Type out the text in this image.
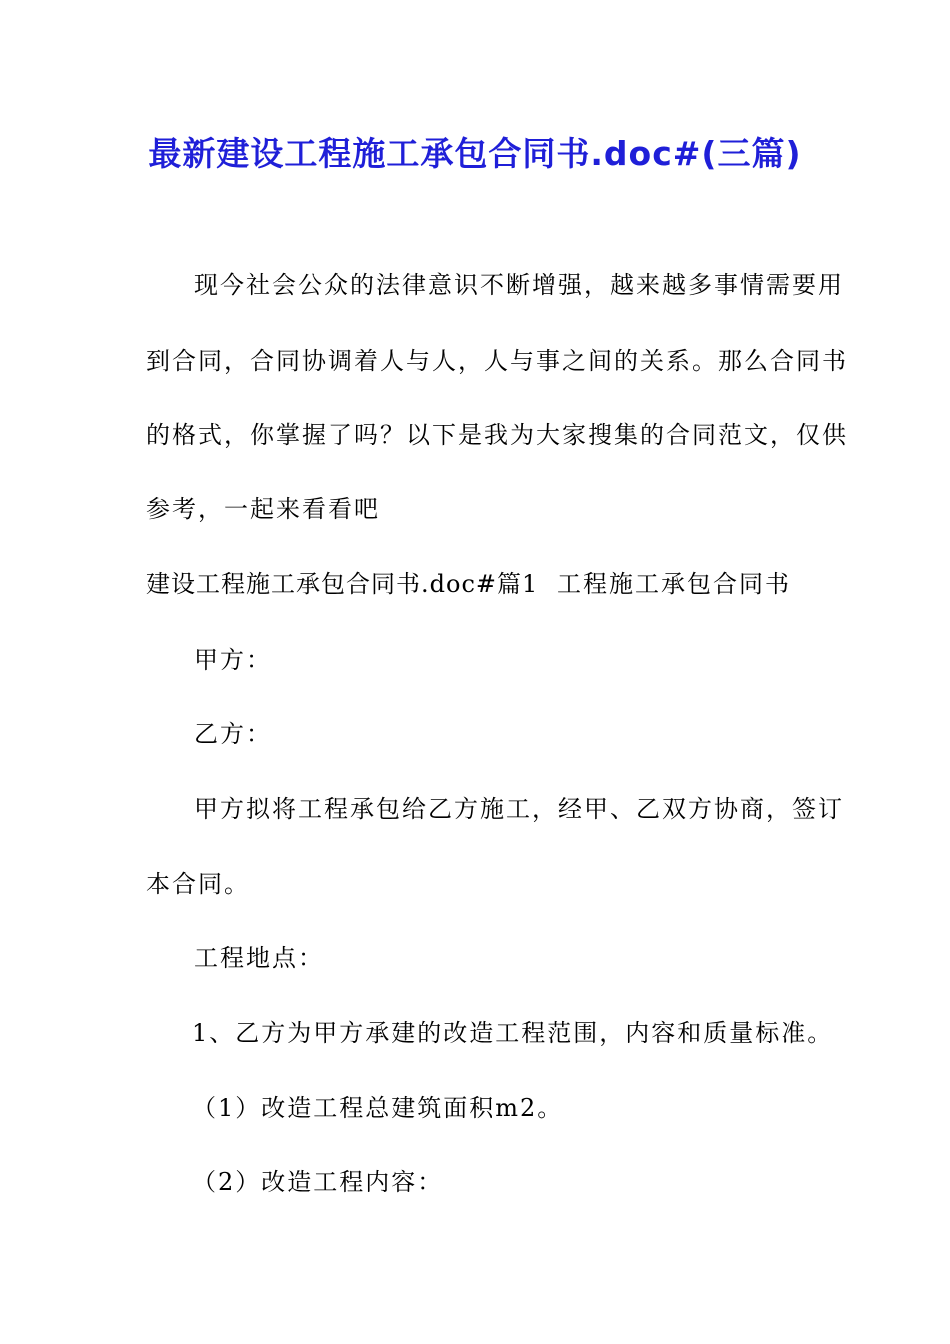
最新建设工程施工承包合同书.doc#(三篇)
现今社会公众的法律意识不断增强，越来越多事情需要用
到合同，合同协调着人与人，人与事之间的关系。那么合同书
的格式，你掌握了吗？以下是我为大家搜集的合同范文，仅供
参考，一起来看看吧
建设工程施工承包合同书.doc#篇1 工程施工承包合同书
甲方：
乙方：
甲方拟将工程承包给乙方施工，经甲、乙双方协商，签订
本合同。
工程地点：
1、乙方为甲方承建的改造工程范围，内容和质量标准。
（1）改造工程总建筑面积m2。
（2）改造工程内容：
